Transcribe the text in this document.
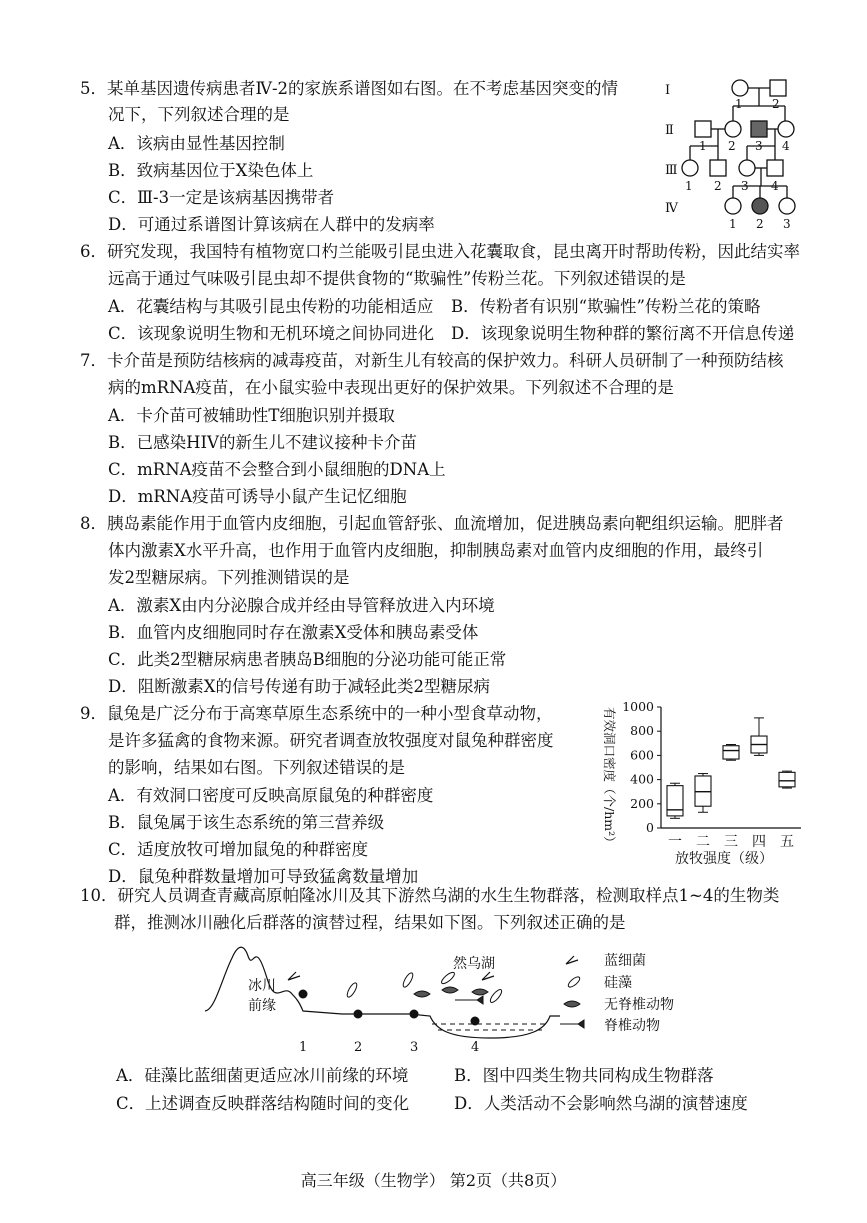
5．某单基因遗传病患者Ⅳ-2的家族系谱图如右图。在不考虑基因突变的情
况下，下列叙述合理的是
A．该病由显性基因控制
B．致病基因位于X染色体上
C．Ⅲ-3一定是该病基因携带者
D．可通过系谱图计算该病在人群中的发病率
Ⅰ
Ⅱ
Ⅲ
Ⅳ
1 2
1 2 3 4
1 2 3 4
1 2 3
6．研究发现，我国特有植物宽口杓兰能吸引昆虫进入花囊取食，昆虫离开时帮助传粉，因此结实率
远高于通过气味吸引昆虫却不提供食物的“欺骗性”传粉兰花。下列叙述错误的是
A．花囊结构与其吸引昆虫传粉的功能相适应 B．传粉者有识别“欺骗性”传粉兰花的策略
C．该现象说明生物和无机环境之间协同进化 D．该现象说明生物种群的繁衍离不开信息传递
7．卡介苗是预防结核病的减毒疫苗，对新生儿有较高的保护效力。科研人员研制了一种预防结核
病的mRNA疫苗，在小鼠实验中表现出更好的保护效果。下列叙述不合理的是
A．卡介苗可被辅助性T细胞识别并摄取
B．已感染HIV的新生儿不建议接种卡介苗
C．mRNA疫苗不会整合到小鼠细胞的DNA上
D．mRNA疫苗可诱导小鼠产生记忆细胞
8．胰岛素能作用于血管内皮细胞，引起血管舒张、血流增加，促进胰岛素向靶组织运输。肥胖者
体内激素X水平升高，也作用于血管内皮细胞，抑制胰岛素对血管内皮细胞的作用，最终引
发2型糖尿病。下列推测错误的是
A．激素X由内分泌腺合成并经由导管释放进入内环境
B．血管内皮细胞同时存在激素X受体和胰岛素受体
C．此类2型糖尿病患者胰岛B细胞的分泌功能可能正常
D．阻断激素X的信号传递有助于减轻此类2型糖尿病
9．鼠兔是广泛分布于高寒草原生态系统中的一种小型食草动物，
是许多猛禽的食物来源。研究者调查放牧强度对鼠兔种群密度
的影响，结果如右图。下列叙述错误的是
A．有效洞口密度可反映高原鼠兔的种群密度
B．鼠兔属于该生态系统的第三营养级
C．适度放牧可增加鼠兔的种群密度
D．鼠兔种群数量增加可导致猛禽数量增加
有效洞口密度（个/hm²） 0
200
400
600
800
1000
一 二 三 四 五
放牧强度（级）
10．研究人员调查青藏高原帕隆冰川及其下游然乌湖的水生生物群落，检测取样点1~4的生物类
群，推测冰川融化后群落的演替过程，结果如下图。下列叙述正确的是
冰川
前缘
然乌湖
1	2	3	4
蓝细菌
硅藻
无脊椎动物
脊椎动物
A．硅藻比蓝细菌更适应冰川前缘的环境	B．图中四类生物共同构成生物群落
C．上述调查反映群落结构随时间的变化	D．人类活动不会影响然乌湖的演替速度
高三年级（生物学） 第2页（共8页）
